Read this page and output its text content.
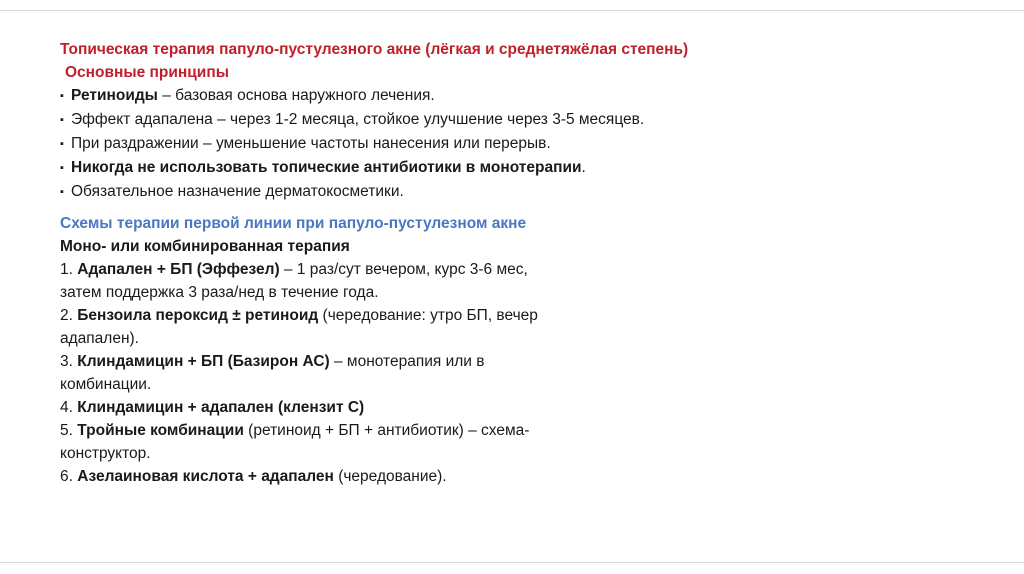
Топическая терапия папуло-пустулезного акне (лёгкая и среднетяжёлая степень)
Основные принципы
▪ Ретиноиды – базовая основа наружного лечения.
▪ Эффект адапалена – через 1-2 месяца, стойкое улучшение через 3-5 месяцев.
▪ При раздражении – уменьшение частоты нанесения или перерыв.
▪ Никогда не использовать топические антибиотики в монотерапии.
▪ Обязательное назначение дерматокосметики.
Схемы терапии первой линии при папуло-пустулезном акне
Моно- или комбинированная терапия
1. Адапален + БП (Эффезел) – 1 раз/сут вечером, курс 3-6 мес,
затем поддержка 3 раза/нед в течение года.
2. Бензоила пероксид ± ретиноид (чередование: утро БП, вечер
адапален).
3. Клиндамицин + БП (Базирон АС) – монотерапия или в
комбинации.
4. Клиндамицин + адапален (клензит С)
5. Тройные комбинации (ретиноид + БП + антибиотик) – схема-
конструктор.
6. Азелаиновая кислота + адапален (чередование).
